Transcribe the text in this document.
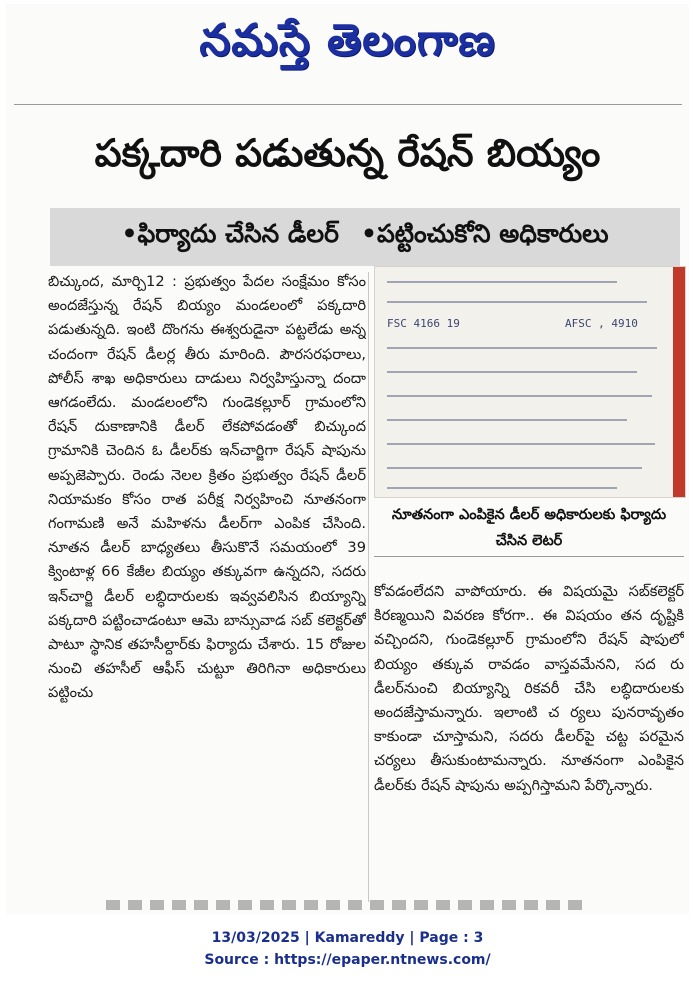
నమస్తే తెలంగాణ
పక్కదారి పడుతున్న రేషన్ బియ్యం
•ఫిర్యాదు చేసిన డీలర్ •పట్టించుకోని అధికారులు

బిచ్కుంద, మార్చి12 : ప్రభుత్వం పేదల సంక్షేమం కోసం అందజేస్తున్న రేషన్ బియ్యం మండలంలో పక్కదారి పడుతున్నది. ఇంటి దొంగను ఈశ్వరుడైనా పట్టలేడు అన్న చందంగా రేషన్ డీలర్ల తీరు మారింది. పౌరసరఫరాలు, పోలీస్ శాఖ అధికారులు దాడులు నిర్వహిస్తున్నా దందా ఆగడంలేదు. మండలంలోని గుండెకల్లూర్ గ్రామంలోని రేషన్ దుకాణానికి డీలర్ లేకపోవడంతో బిచ్కుంద గ్రామానికి చెందిన ఓ డీలర్‌కు ఇన్‌చార్జిగా రేషన్ షాపును అప్పజెప్పారు. రెండు నెలల క్రితం ప్రభుత్వం రేషన్ డీలర్ నియామకం కోసం రాత పరీక్ష నిర్వహించి నూతనంగా గంగామణి అనే మహిళను డీలర్‌గా ఎంపిక చేసింది. నూతన డీలర్ బాధ్యతలు తీసుకొనే సమయంలో 39 క్వింటాళ్ల 66 కేజీల బియ్యం తక్కువగా ఉన్నదని, సదరు ఇన్‌చార్జి డీలర్ లబ్ధిదారులకు ఇవ్వవలిసిన బియ్యాన్ని పక్కదారి పట్టించాడంటూ ఆమె బాన్సువాడ సబ్ కలెక్టర్‌తో పాటూ స్థానిక తహసీల్దార్‌కు ఫిర్యాదు చేశారు. 15 రోజుల నుంచి తహసీల్ ఆఫీస్ చుట్టూ తిరిగినా అధికారులు పట్టించు

FSC 4166 19	AFSC , 4910
నూతనంగా ఎంపికైన డీలర్ అధికారులకు ఫిర్యాదు చేసిన లెటర్

కోవడంలేదని వాపోయారు. ఈ విషయమై సబ్‌కలెక్టర్ కిరణ్మయిని వివరణ కోరగా.. ఈ విషయం తన దృష్టికి వచ్చిందని, గుండెకల్లూర్ గ్రామంలోని రేషన్ షాపులో బియ్యం తక్కువ రావడం వాస్తవమేనని, సద రు డీలర్‌నుంచి బియ్యాన్ని రికవరీ చేసి లబ్ధిదారులకు అందజేస్తామన్నారు. ఇలాంటి చ ర్యలు పునరావృతం కాకుండా చూస్తామని, సదరు డీలర్‌పై చట్ట పరమైన చర్యలు తీసుకుంటామన్నారు. నూతనంగా ఎంపికైన డీలర్‌కు రేషన్ షాపును అప్పగిస్తామని పేర్కొన్నారు.

13/03/2025 | Kamareddy | Page : 3
Source : https://epaper.ntnews.com/
